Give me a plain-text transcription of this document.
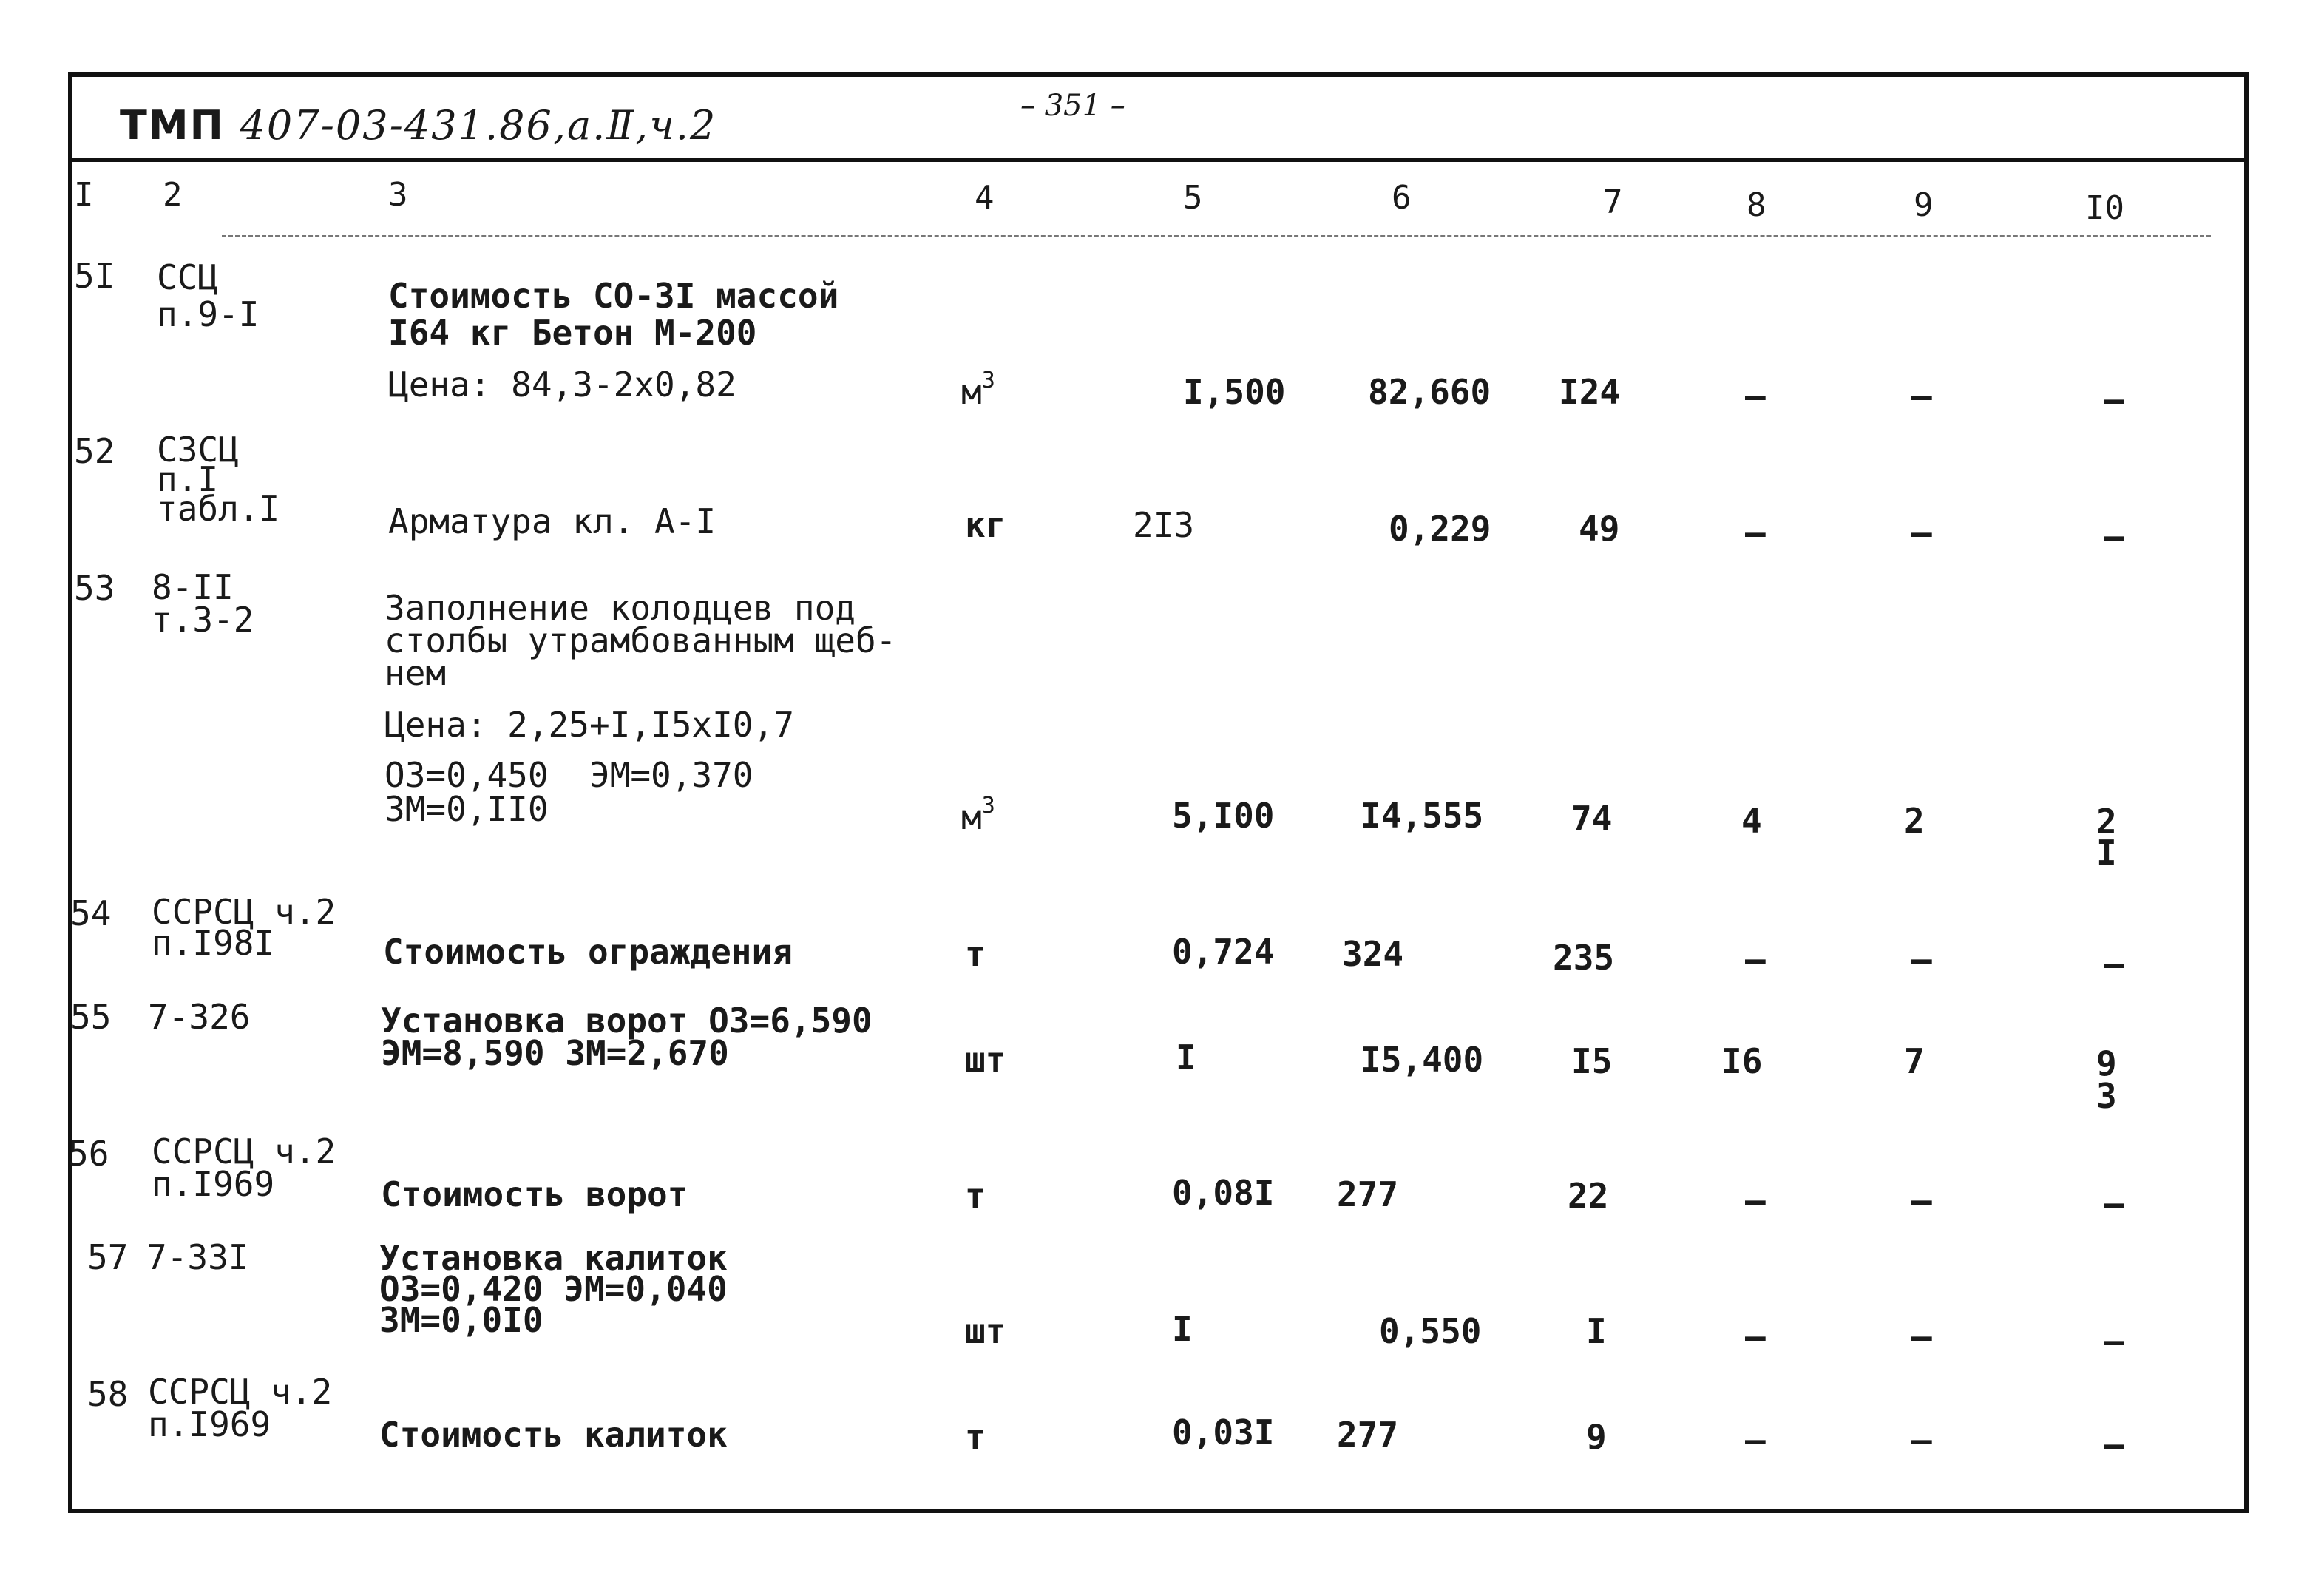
ТМП 407-03-431.86,а.Ⅱ,ч.2	– 351 –
I 2	3	4	5	6	7	8	9	I0
5I ССЦ
п.9-I	Стоимость СО-3I массой
I64 кг Бетон М-200
Цена: 84,3-2х0,82	$м^3$	I,500 82,660 I24	–	–	–
52 СЗСЦ
п.I
табл.I	Арматура кл. А-I	кг	2I3	0,229	49	–	–	–
53 8-II
т.3-2	Заполнение колодцев под
столбы утрамбованным щеб-
нем
Цена: 2,25+I,I5хI0,7
ОЗ=0,450  ЭМ=0,370
ЗМ=0,II0	$м^3$	5,I00	I4,555	74	4	2	2
I
54 ССРСЦ ч.2
п.I98I	Стоимость ограждения	т	0,724 324	235	–	–	–
55 7-326	Установка ворот ОЗ=6,590
ЭМ=8,590 ЗМ=2,670	шт	I	I5,400	I5	I6	7	9
3
56 ССРСЦ ч.2
п.I969	Стоимость ворот	т	0,08I 277	22	–	–	–
57 7-33I	Установка калиток
ОЗ=0,420 ЭМ=0,040
ЗМ=0,0I0	шт	I	0,550	I	–	–	–
58 ССРСЦ ч.2
п.I969	Стоимость калиток	т	0,03I 277	9	–	–	–
